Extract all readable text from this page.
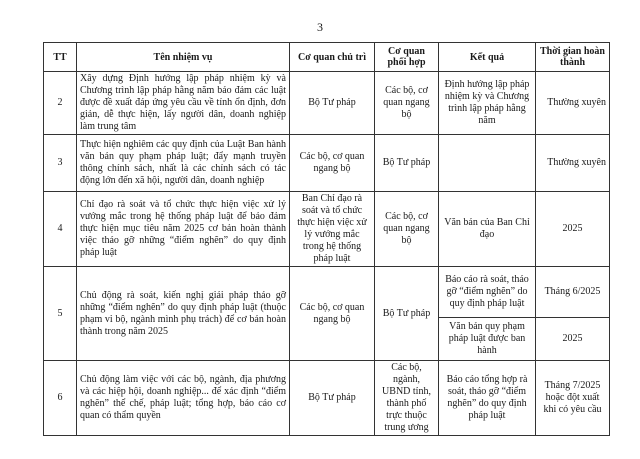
3
TT	Tên nhiệm vụ	Cơ quan chủ trì	Cơ quan phối hợp	Kết quả	Thời gian hoàn thành
2	Xây dựng Định hướng lập pháp nhiệm kỳ và Chương trình lập pháp hằng năm bảo đảm các luật được đề xuất đáp ứng yêu cầu về tính ổn định, đơn giản, dễ thực hiện, lấy người dân, doanh nghiệp làm trung tâm	Bộ Tư pháp	Các bộ, cơ quan ngang bộ	Định hướng lập pháp nhiệm kỳ và Chương trình lập pháp hằng năm	Thường xuyên
3	Thực hiện nghiêm các quy định của Luật Ban hành văn bản quy phạm pháp luật; đẩy mạnh truyền thông chính sách, nhất là các chính sách có tác động lớn đến xã hội, người dân, doanh nghiệp	Các bộ, cơ quan ngang bộ	Bộ Tư pháp		Thường xuyên
4	Chỉ đạo rà soát và tổ chức thực hiện việc xử lý vướng mắc trong hệ thống pháp luật để bảo đảm thực hiện mục tiêu năm 2025 cơ bản hoàn thành việc tháo gỡ những “điểm nghẽn” do quy định pháp luật	Ban Chỉ đạo rà soát và tổ chức thực hiện việc xử lý vướng mắc trong hệ thống pháp luật	Các bộ, cơ quan ngang bộ	Văn bản của Ban Chỉ đạo	2025
5	Chủ động rà soát, kiến nghị giải pháp tháo gỡ những “điểm nghẽn” do quy định pháp luật (thuộc phạm vi bộ, ngành mình phụ trách) để cơ bản hoàn thành trong năm 2025	Các bộ, cơ quan ngang bộ	Bộ Tư pháp	Báo cáo rà soát, tháo gỡ “điểm nghẽn” do quy định pháp luật	Tháng 6/2025
				Văn bản quy phạm pháp luật được ban hành	2025
6	Chủ động làm việc với các bộ, ngành, địa phương và các hiệp hội, doanh nghiệp... để xác định “điểm nghẽn” thể chế, pháp luật; tổng hợp, báo cáo cơ quan có thẩm quyền	Bộ Tư pháp	Các bộ, ngành, UBND tỉnh, thành phố trực thuộc trung ương	Báo cáo tổng hợp rà soát, tháo gỡ “điểm nghẽn” do quy định pháp luật	Tháng 7/2025 hoặc đột xuất khi có yêu cầu
